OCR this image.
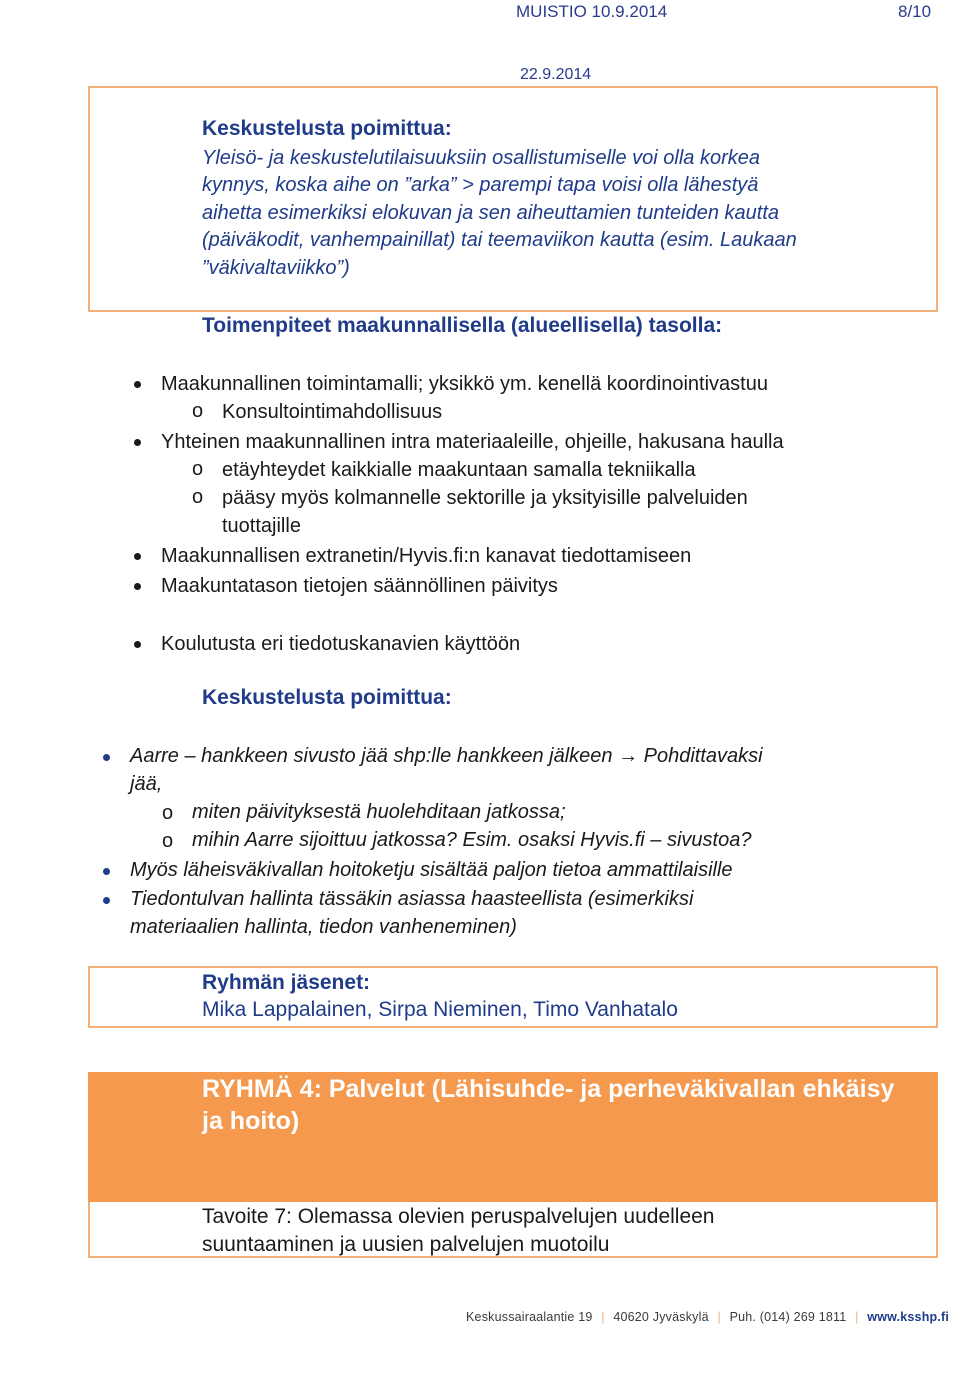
MUISTIO 10.9.2014	8/10
22.9.2014
Keskustelusta poimittua:
Yleisö- ja keskustelutilaisuuksiin osallistumiselle voi olla korkea
kynnys, koska aihe on ”arka” > parempi tapa voisi olla lähestyä
aihetta esimerkiksi elokuvan ja sen aiheuttamien tunteiden kautta
(päiväkodit, vanhempainillat) tai teemaviikon kautta (esim. Laukaan
”väkivaltaviikko”)
Toimenpiteet maakunnallisella (alueellisella) tasolla:
Maakunnallinen toimintamalli; yksikkö ym. kenellä koordinointivastuu
o Konsultointimahdollisuus
Yhteinen maakunnallinen intra materiaaleille, ohjeille, hakusana haulla
o etäyhteydet kaikkialle maakuntaan samalla tekniikalla
o pääsy myös kolmannelle sektorille ja yksityisille palveluiden
tuottajille
Maakunnallisen extranetin/Hyvis.fi:n kanavat tiedottamiseen
Maakuntatason tietojen säännöllinen päivitys
Koulutusta eri tiedotuskanavien käyttöön
Keskustelusta poimittua:
Aarre – hankkeen sivusto jää shp:lle hankkeen jälkeen → Pohdittavaksi
jää,
o miten päivityksestä huolehditaan jatkossa;
o mihin Aarre sijoittuu jatkossa? Esim. osaksi Hyvis.fi – sivustoa?
Myös läheisväkivallan hoitoketju sisältää paljon tietoa ammattilaisille
Tiedontulvan hallinta tässäkin asiassa haasteellista (esimerkiksi
materiaalien hallinta, tiedon vanheneminen)
Ryhmän jäsenet:
Mika Lappalainen, Sirpa Nieminen, Timo Vanhatalo
RYHMÄ 4: Palvelut (Lähisuhde- ja perheväkivallan ehkäisy ja hoito)
Tavoite 7: Olemassa olevien peruspalvelujen uudelleen
suuntaaminen ja uusien palvelujen muotoilu
Keskussairaalantie 19 | 40620 Jyväskylä | Puh. (014) 269 1811 | www.ksshp.fi
